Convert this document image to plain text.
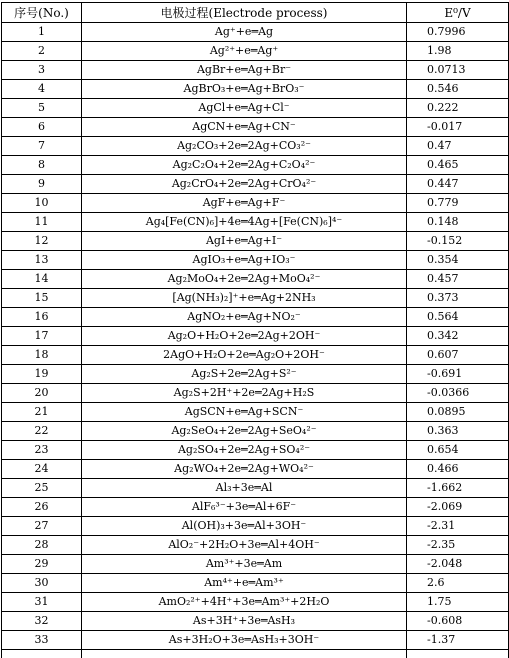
序号(No.)	电极过程(Electrode process)	E⁰/V
1	Ag⁺+e═Ag	0.7996
2	Ag²⁺+e═Ag⁺	1.98
3	AgBr+e═Ag+Br⁻	0.0713
4	AgBrO₃+e═Ag+BrO₃⁻	0.546
5	AgCl+e═Ag+Cl⁻	0.222
6	AgCN+e═Ag+CN⁻	-0.017
7	Ag₂CO₃+2e═2Ag+CO₃²⁻	0.47
8	Ag₂C₂O₄+2e═2Ag+C₂O₄²⁻	0.465
9	Ag₂CrO₄+2e═2Ag+CrO₄²⁻	0.447
10	AgF+e═Ag+F⁻	0.779
11	Ag₄[Fe(CN)₆]+4e═4Ag+[Fe(CN)₆]⁴⁻	0.148
12	AgI+e═Ag+I⁻	-0.152
13	AgIO₃+e═Ag+IO₃⁻	0.354
14	Ag₂MoO₄+2e═2Ag+MoO₄²⁻	0.457
15	[Ag(NH₃)₂]⁺+e═Ag+2NH₃	0.373
16	AgNO₂+e═Ag+NO₂⁻	0.564
17	Ag₂O+H₂O+2e═2Ag+2OH⁻	0.342
18	2AgO+H₂O+2e═Ag₂O+2OH⁻	0.607
19	Ag₂S+2e═2Ag+S²⁻	-0.691
20	Ag₂S+2H⁺+2e═2Ag+H₂S	-0.0366
21	AgSCN+e═Ag+SCN⁻	0.0895
22	Ag₂SeO₄+2e═2Ag+SeO₄²⁻	0.363
23	Ag₂SO₄+2e═2Ag+SO₄²⁻	0.654
24	Ag₂WO₄+2e═2Ag+WO₄²⁻	0.466
25	Al₃+3e═Al	-1.662
26	AlF₆³⁻+3e═Al+6F⁻	-2.069
27	Al(OH)₃+3e═Al+3OH⁻	-2.31
28	AlO₂⁻+2H₂O+3e═Al+4OH⁻	-2.35
29	Am³⁺+3e═Am	-2.048
30	Am⁴⁺+e═Am³⁺	2.6
31	AmO₂²⁺+4H⁺+3e═Am³⁺+2H₂O	1.75
32	As+3H⁺+3e═AsH₃	-0.608
33	As+3H₂O+3e═AsH₃+3OH⁻	-1.37
